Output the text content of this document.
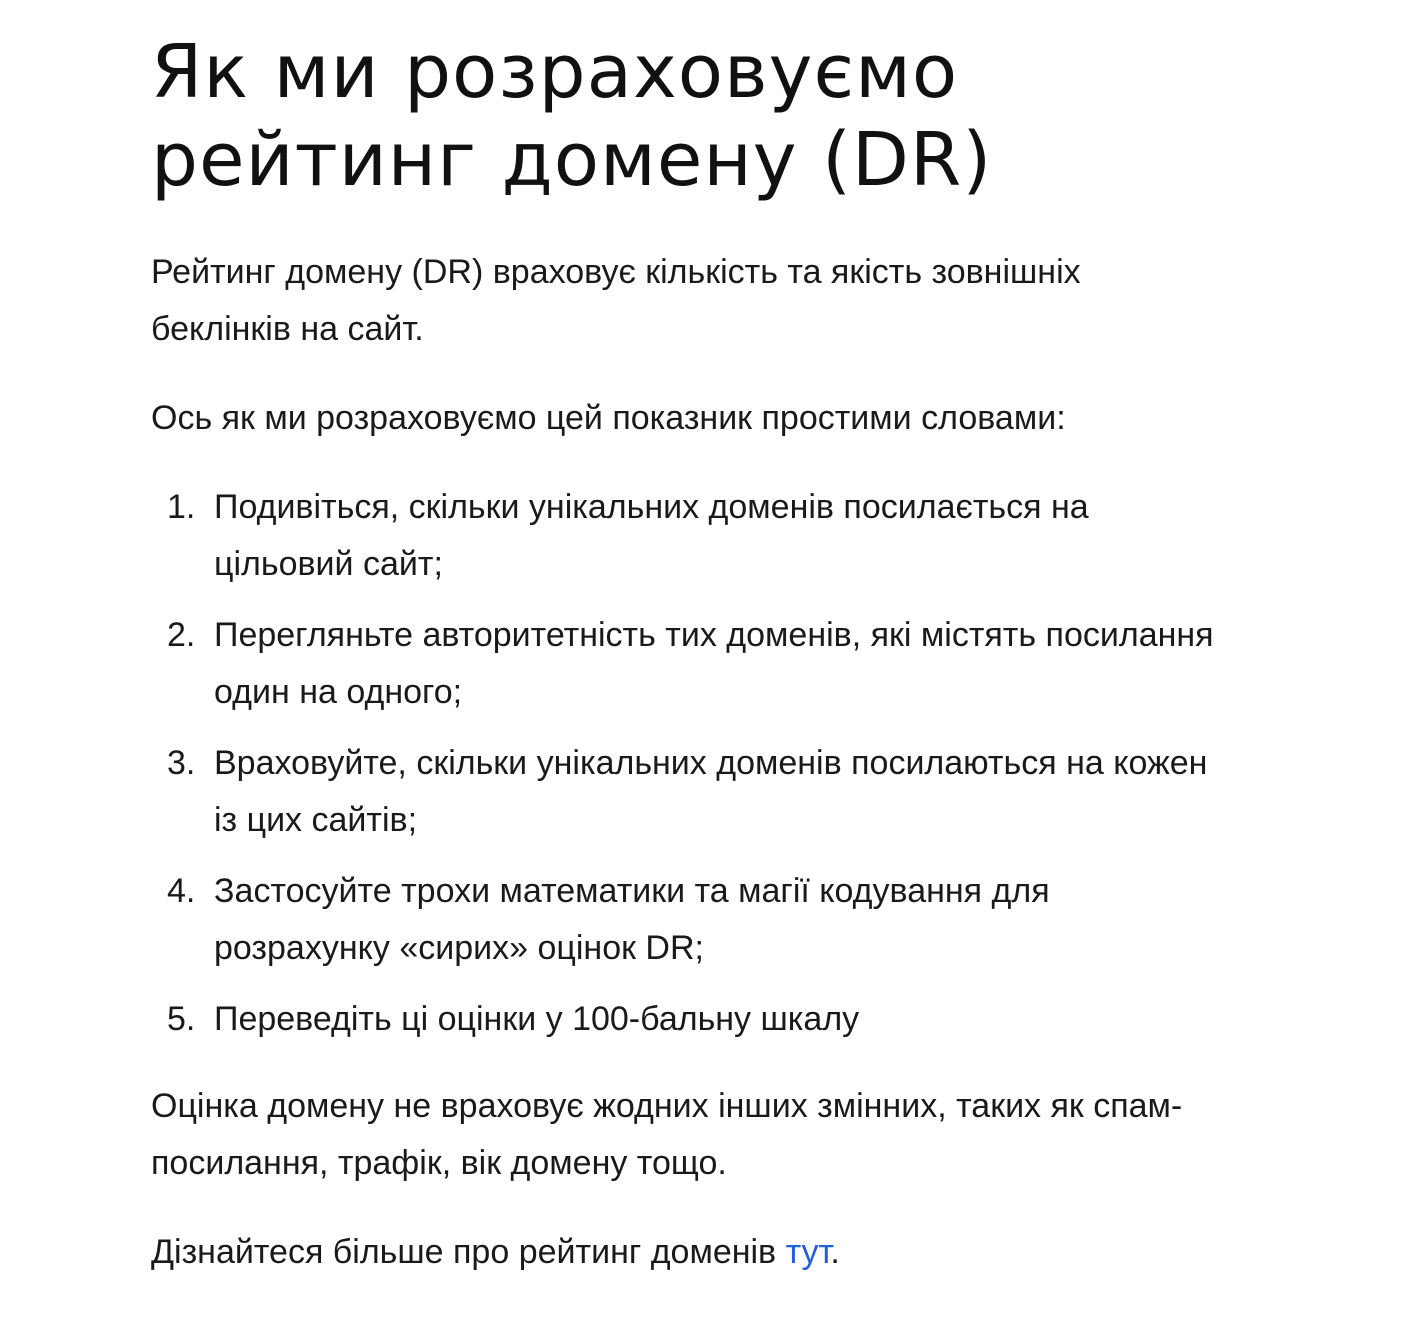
Як ми розраховуємо
рейтинг домену (DR)

Рейтинг домену (DR) враховує кількість та якість зовнішніх
беклінків на сайт.

Ось як ми розраховуємо цей показник простими словами:

1. Подивіться, скільки унікальних доменів посилається на
цільовий сайт;
2. Перегляньте авторитетність тих доменів, які містять посилання
один на одного;
3. Враховуйте, скільки унікальних доменів посилаються на кожен
із цих сайтів;
4. Застосуйте трохи математики та магії кодування для
розрахунку «сирих» оцінок DR;
5. Переведіть ці оцінки у 100-бальну шкалу

Оцінка домену не враховує жодних інших змінних, таких як спам-
посилання, трафік, вік домену тощо.

Дізнайтеся більше про рейтинг доменів тут.
